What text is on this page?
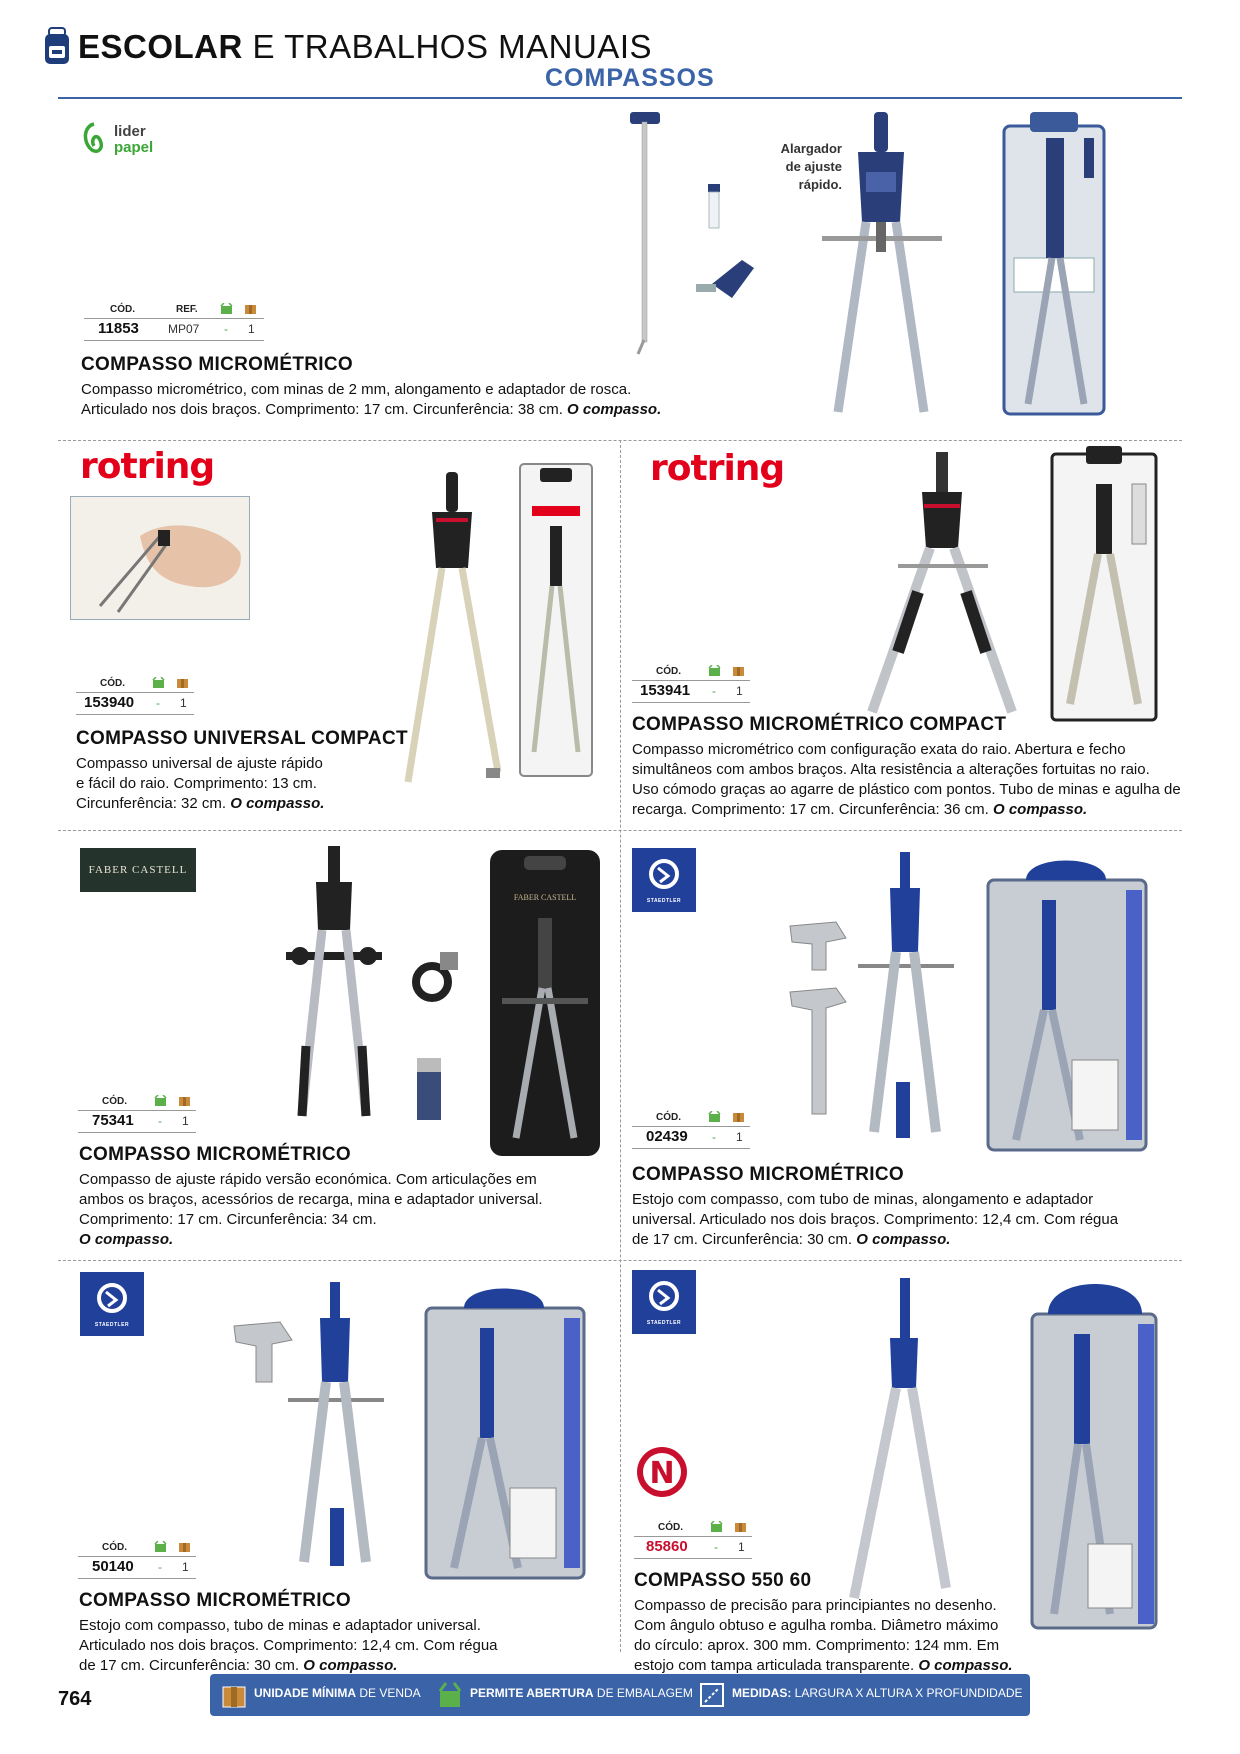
ESCOLAR E TRABALHOS MANUAIS
COMPASSOS
lider
papel
CÓD.	REF.
11853 MP07 - 1
COMPASSO MICROMÉTRICO
Compasso micrométrico, com minas de 2 mm, alongamento e adaptador de rosca. Articulado nos dois braços. Comprimento: 17 cm. Circunferência: 38 cm. O compasso.
Alargador
de ajuste
rápido.
rotring
CÓD.
153940 - 1
COMPASSO UNIVERSAL COMPACT
Compasso universal de ajuste rápido
e fácil do raio. Comprimento: 13 cm.
Circunferência: 32 cm. O compasso.
rotring
CÓD.
153941 - 1
COMPASSO MICROMÉTRICO COMPACT
Compasso micrométrico com configuração exata do raio. Abertura e fecho
simultâneos com ambos braços. Alta resistência a alterações fortuitas no raio.
Uso cómodo graças ao agarre de plástico com pontos. Tubo de minas e agulha de
recarga. Comprimento: 17 cm. Circunferência: 36 cm. O compasso.
FABER CASTELL
CÓD.
75341 - 1
COMPASSO MICROMÉTRICO
Compasso de ajuste rápido versão económica. Com articulações em
ambos os braços, acessórios de recarga, mina e adaptador universal.
Comprimento: 17 cm. Circunferência: 34 cm.
O compasso.
FABER CASTELL	STAEDTLER
CÓD.
02439 - 1
COMPASSO MICROMÉTRICO
Estojo com compasso, com tubo de minas, alongamento e adaptador
universal. Articulado nos dois braços. Comprimento: 12,4 cm. Com régua
de 17 cm. Circunferência: 30 cm. O compasso.
STAEDTLER
CÓD.
50140 - 1
COMPASSO MICROMÉTRICO
Estojo com compasso, tubo de minas e adaptador universal.
Articulado nos dois braços. Comprimento: 12,4 cm. Com régua
de 17 cm. Circunferência: 30 cm. O compasso.
STAEDTLER
N
CÓD.
85860 - 1
COMPASSO 550 60
Compasso de precisão para principiantes no desenho.
Com ângulo obtuso e agulha romba. Diâmetro máximo
do círculo: aprox. 300 mm. Comprimento: 124 mm. Em
estojo com tampa articulada transparente. O compasso.
764	UNIDADE MÍNIMA DE VENDA	PERMITE ABERTURA DE EMBALAGEM	MEDIDAS: LARGURA X ALTURA X PROFUNDIDADE
